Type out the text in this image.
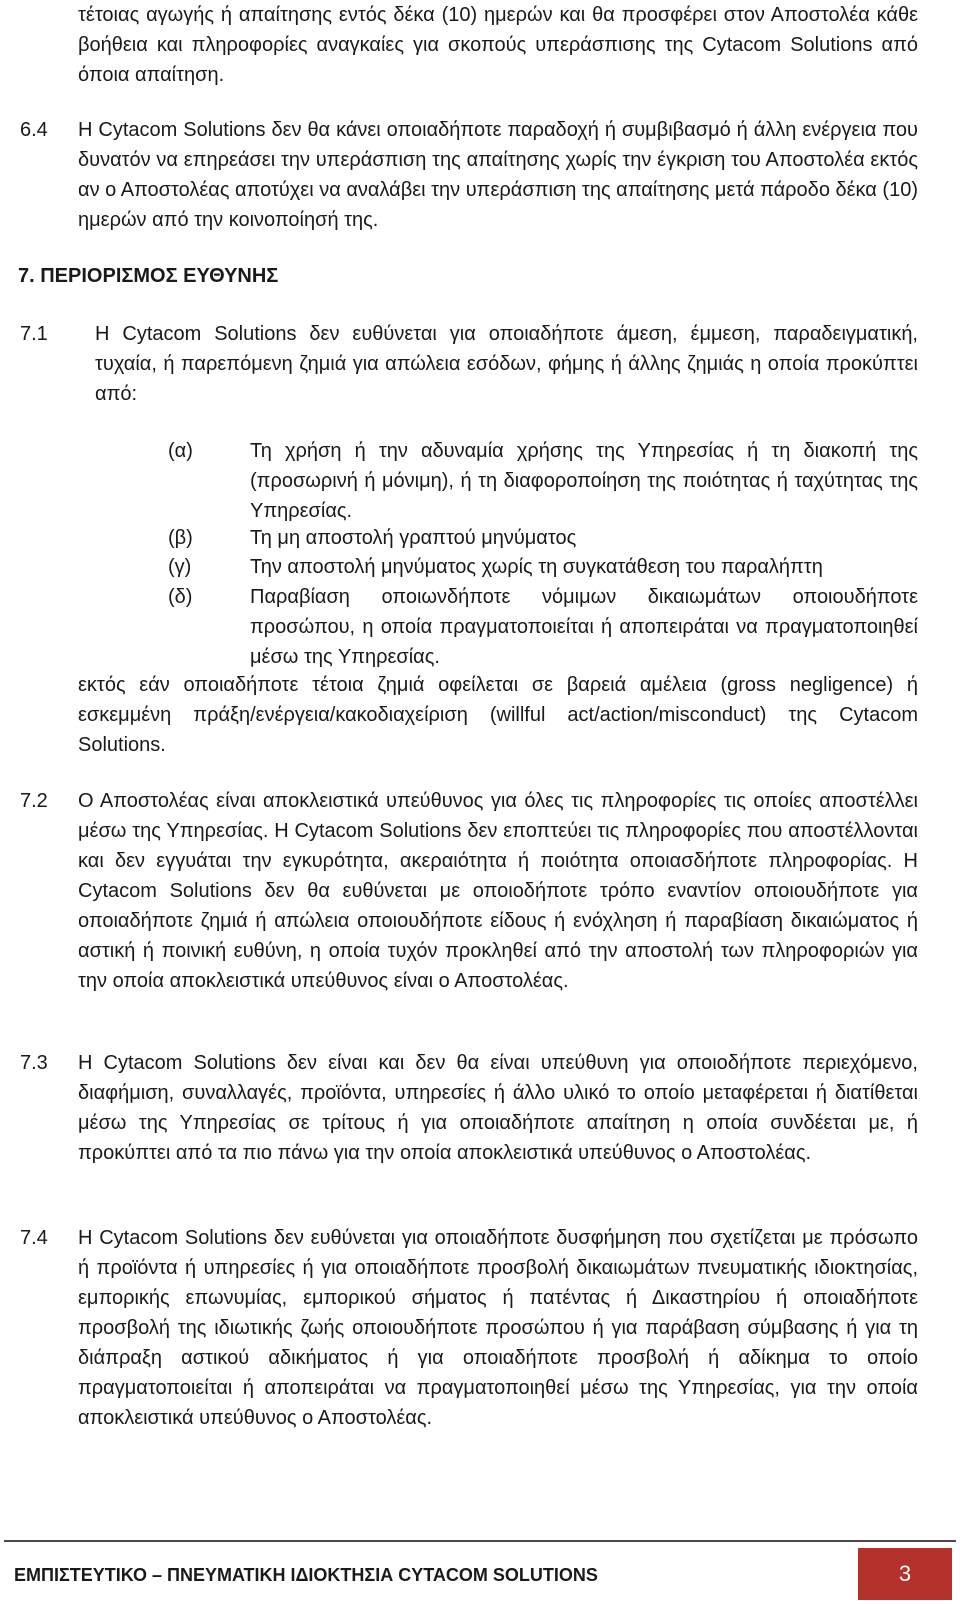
τέτοιας αγωγής ή απαίτησης εντός δέκα (10) ημερών και θα προσφέρει στον Αποστολέα κάθε βοήθεια και πληροφορίες αναγκαίες για σκοπούς υπεράσπισης της Cytacom Solutions από όποια απαίτηση.
6.4 Η Cytacom Solutions δεν θα κάνει οποιαδήποτε παραδοχή ή συμβιβασμό ή άλλη ενέργεια που δυνατόν να επηρεάσει την υπεράσπιση της απαίτησης χωρίς την έγκριση του Αποστολέα εκτός αν ο Αποστολέας αποτύχει να αναλάβει την υπεράσπιση της απαίτησης μετά πάροδο δέκα (10) ημερών από την κοινοποίησή της.
7. ΠΕΡΙΟΡΙΣΜΟΣ ΕΥΘΥΝΗΣ
7.1 Η Cytacom Solutions δεν ευθύνεται για οποιαδήποτε άμεση, έμμεση, παραδειγματική, τυχαία, ή παρεπόμενη ζημιά για απώλεια εσόδων, φήμης ή άλλης ζημιάς η οποία προκύπτει από:
(α)	Τη χρήση ή την αδυναμία χρήσης της Υπηρεσίας ή τη διακοπή της (προσωρινή ή μόνιμη), ή τη διαφοροποίηση της ποιότητας ή ταχύτητας της Υπηρεσίας.
(β)	Τη μη αποστολή γραπτού μηνύματος
(γ)	Την αποστολή μηνύματος χωρίς τη συγκατάθεση του παραλήπτη
(δ)	Παραβίαση οποιωνδήποτε νόμιμων δικαιωμάτων οποιουδήποτε προσώπου, η οποία πραγματοποιείται ή αποπειράται να πραγματοποιηθεί μέσω της Υπηρεσίας.
εκτός εάν οποιαδήποτε τέτοια ζημιά οφείλεται σε βαρειά αμέλεια (gross negligence) ή εσκεμμένη πράξη/ενέργεια/κακοδιαχείριση (willful act/action/misconduct) της Cytacom Solutions.
7.2 Ο Αποστολέας είναι αποκλειστικά υπεύθυνος για όλες τις πληροφορίες τις οποίες αποστέλλει μέσω της Υπηρεσίας. Η Cytacom Solutions δεν εποπτεύει τις πληροφορίες που αποστέλλονται και δεν εγγυάται την εγκυρότητα, ακεραιότητα ή ποιότητα οποιασδήποτε πληροφορίας. Η Cytacom Solutions δεν θα ευθύνεται με οποιοδήποτε τρόπο εναντίον οποιουδήποτε για οποιαδήποτε ζημιά ή απώλεια οποιουδήποτε είδους ή ενόχληση ή παραβίαση δικαιώματος ή αστική ή ποινική ευθύνη, η οποία τυχόν προκληθεί από την αποστολή των πληροφοριών για την οποία αποκλειστικά υπεύθυνος είναι ο Αποστολέας.
7.3 Η Cytacom Solutions δεν είναι και δεν θα είναι υπεύθυνη για οποιοδήποτε περιεχόμενο, διαφήμιση, συναλλαγές, προϊόντα, υπηρεσίες ή άλλο υλικό το οποίο μεταφέρεται ή διατίθεται μέσω της Υπηρεσίας σε τρίτους ή για οποιαδήποτε απαίτηση η οποία συνδέεται με, ή προκύπτει από τα πιο πάνω για την οποία αποκλειστικά υπεύθυνος ο Αποστολέας.
7.4 Η Cytacom Solutions δεν ευθύνεται για οποιαδήποτε δυσφήμηση που σχετίζεται με πρόσωπο ή προϊόντα ή υπηρεσίες ή για οποιαδήποτε προσβολή δικαιωμάτων πνευματικής ιδιοκτησίας, εμπορικής επωνυμίας, εμπορικού σήματος ή πατέντας ή Δικαστηρίου ή οποιαδήποτε προσβολή της ιδιωτικής ζωής οποιουδήποτε προσώπου ή για παράβαση σύμβασης ή για τη διάπραξη αστικού αδικήματος ή για οποιαδήποτε προσβολή ή αδίκημα το οποίο πραγματοποιείται ή αποπειράται να πραγματοποιηθεί μέσω της Υπηρεσίας, για την οποία αποκλειστικά υπεύθυνος ο Αποστολέας.
ΕΜΠΙΣΤΕΥΤΙΚΟ – ΠΝΕΥΜΑΤΙΚΗ ΙΔΙΟΚΤΗΣΙΑ CYTACOM SOLUTIONS	3
